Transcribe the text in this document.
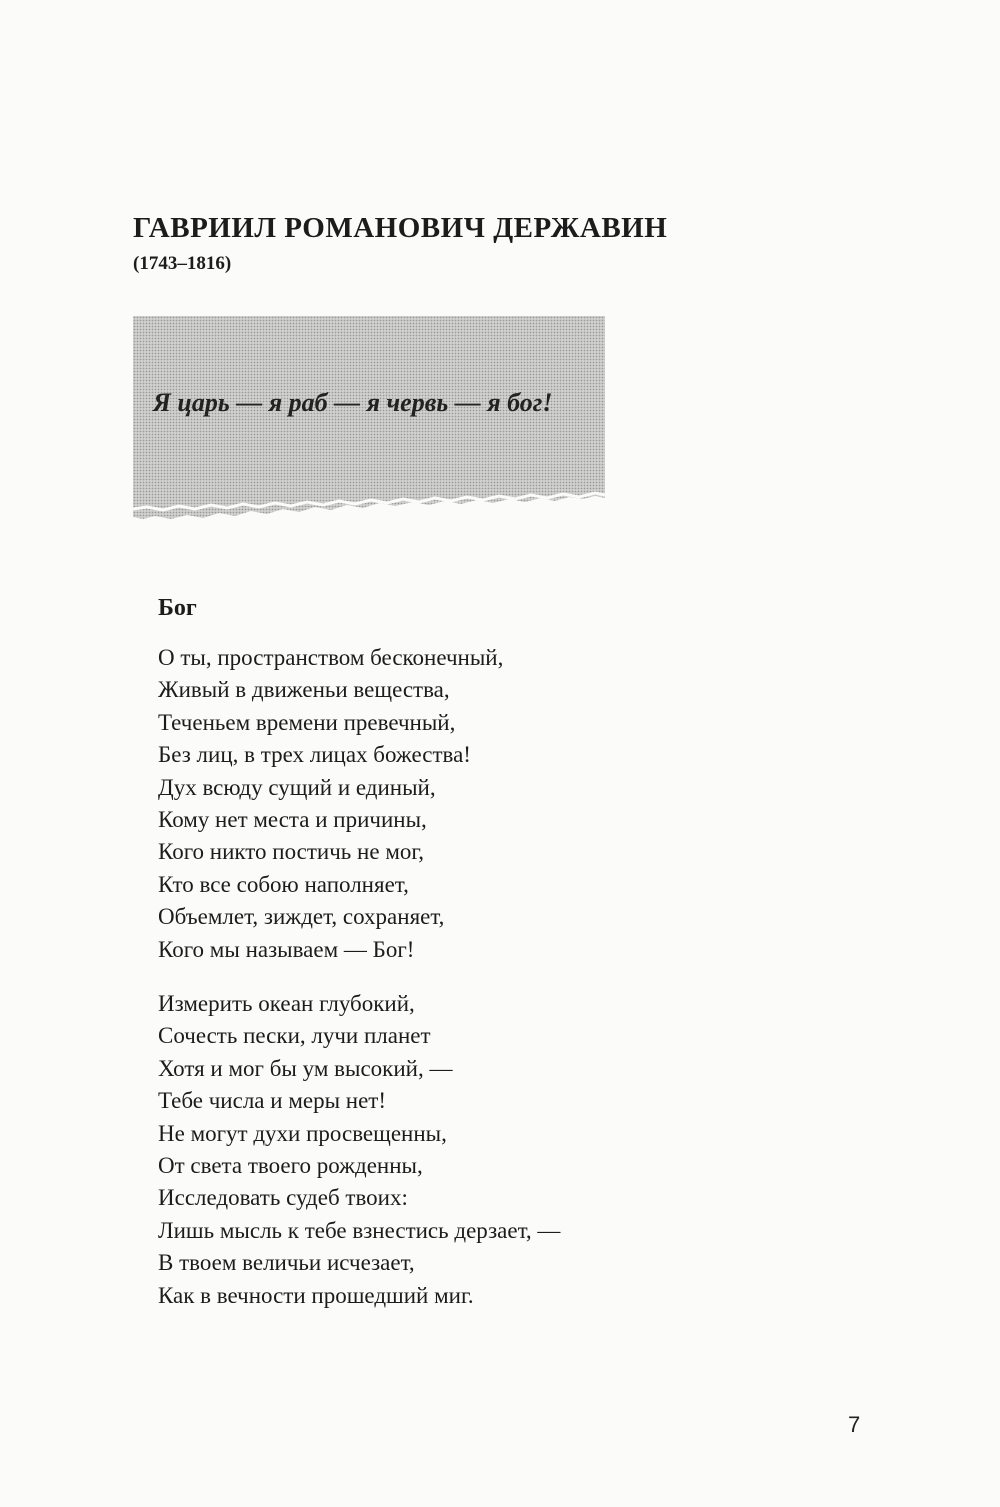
ГАВРИИЛ РОМАНОВИЧ ДЕРЖАВИН
(1743–1816)
Я царь — я раб — я червь — я бог!
Бог
О ты, пространством бесконечный,
Живый в движеньи вещества,
Теченьем времени превечный,
Без лиц, в трех лицах божества!
Дух всюду сущий и единый,
Кому нет места и причины,
Кого никто постичь не мог,
Кто все собою наполняет,
Объемлет, зиждет, сохраняет,
Кого мы называем — Бог!
Измерить океан глубокий,
Сочесть пески, лучи планет
Хотя и мог бы ум высокий, —
Тебе числа и меры нет!
Не могут духи просвещенны,
От света твоего рожденны,
Исследовать судеб твоих:
Лишь мысль к тебе взнестись дерзает, —
В твоем величьи исчезает,
Как в вечности прошедший миг.
7
